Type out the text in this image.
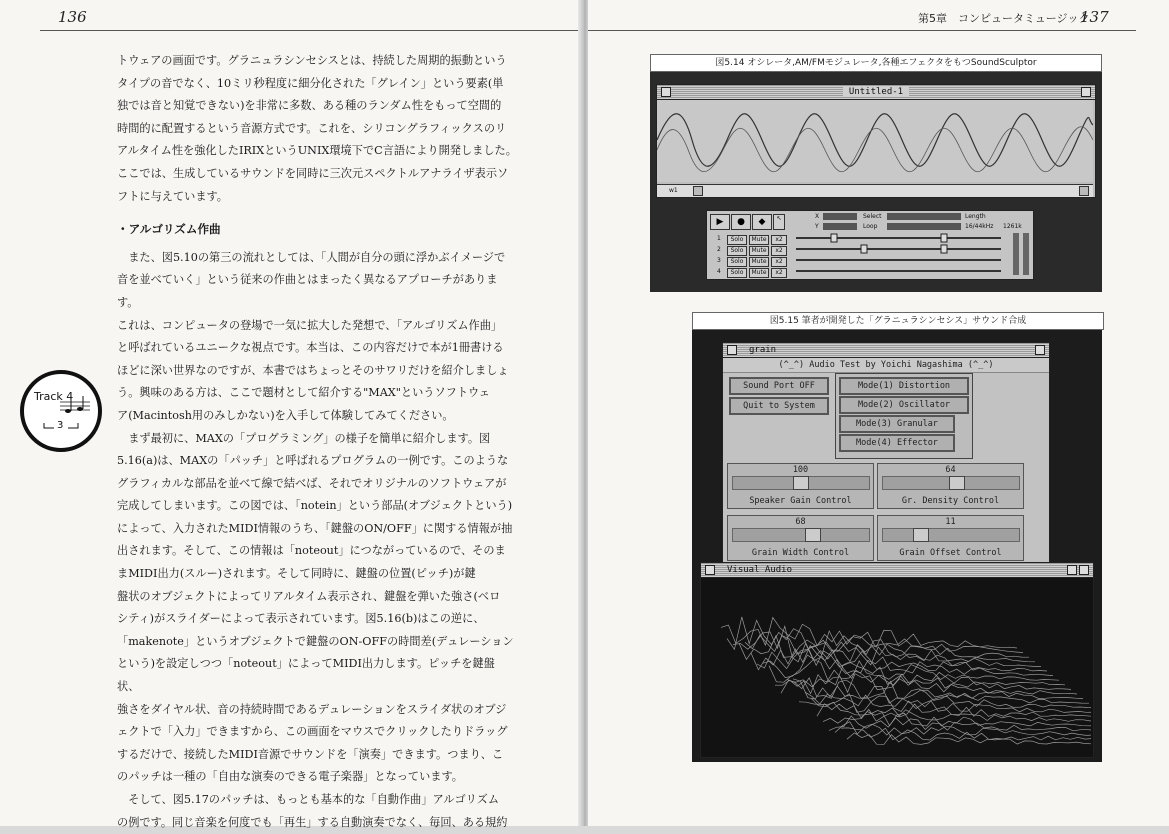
136

トウェアの画面です。グラニュラシンセシスとは、持続した周期的振動という

タイプの音でなく、10ミリ秒程度に細分化された「グレイン」という要素(単

独では音と知覚できない)を非常に多数、ある種のランダム性をもって空間的

時間的に配置するという音源方式です。これを、シリコングラフィックスのリ

アルタイム性を強化したIRIXというUNIX環境下でC言語により開発しました。

ここでは、生成しているサウンドを同時に三次元スペクトルアナライザ表示ソ

フトに与えています。

・アルゴリズム作曲

また、図5.10の第三の流れとしては、「人間が自分の頭に浮かぶイメージで

音を並べていく」という従来の作曲とはまったく異なるアプローチがあります。

これは、コンピュータの登場で一気に拡大した発想で、「アルゴリズム作曲」

と呼ばれているユニークな視点です。本当は、この内容だけで本が1冊書ける

ほどに深い世界なのですが、本書ではちょっとそのサワリだけを紹介しましょ

う。興味のある方は、ここで題材として紹介する"MAX"というソフトウェ

ア(Macintosh用のみしかない)を入手して体験してみてください。

まず最初に、MAXの「プログラミング」の様子を簡単に紹介します。図

5.16(a)は、MAXの「パッチ」と呼ばれるプログラムの一例です。このような

グラフィカルな部品を並べて線で結べば、それでオリジナルのソフトウェアが

完成してしまいます。この図では、「notein」という部品(オブジェクトという)

によって、入力されたMIDI情報のうち、「鍵盤のON/OFF」に関する情報が抽

出されます。そして、この情報は「noteout」につながっているので、そのま

まMIDI出力(スルー)されます。そして同時に、鍵盤の位置(ピッチ)が鍵

盤状のオブジェクトによってリアルタイム表示され、鍵盤を弾いた強さ(ベロ

シティ)がスライダーによって表示されています。図5.16(b)はこの逆に、

「makenote」というオブジェクトで鍵盤のON-OFFの時間差(デュレーション

という)を設定しつつ「noteout」によってMIDI出力します。ピッチを鍵盤状、

強さをダイヤル状、音の持続時間であるデュレーションをスライダ状のオブジ

ェクトで「入力」できますから、この画面をマウスでクリックしたりドラッグ

するだけで、接続したMIDI音源でサウンドを「演奏」できます。つまり、こ

のパッチは一種の「自由な演奏のできる電子楽器」となっています。

そして、図5.17のパッチは、もっとも基本的な「自動作曲」アルゴリズム

の例です。同じ音楽を何度でも「再生」する自動演奏でなく、毎回、ある規約

Track 4
3
第5章　コンピュータミュージック
137
図5.14 オシレータ,AM/FMモジュレータ,各種エフェクタをもつSoundSculptor
Untitled-1
w1
▶	●	◆	↖	X
Y
Select
Loop
Length
16/44kHz 1261k
1	Solo	Mute	x2
2	Solo	Mute	x2
3	Solo	Mute	x2
4	Solo	Mute	x2
図5.15 筆者が開発した「グラニュラシンセシス」サウンド合成
grain
(^_^) Audio Test by Yoichi Nagashima (^_^)
Sound Port OFF
Quit to System
Mode(1) Distortion
Mode(2) Oscillator
Mode(3) Granular
Mode(4) Effector
100
Speaker Gain Control
64
Gr. Density Control
68
Grain Width Control
11
Grain Offset Control
Visual Audio
